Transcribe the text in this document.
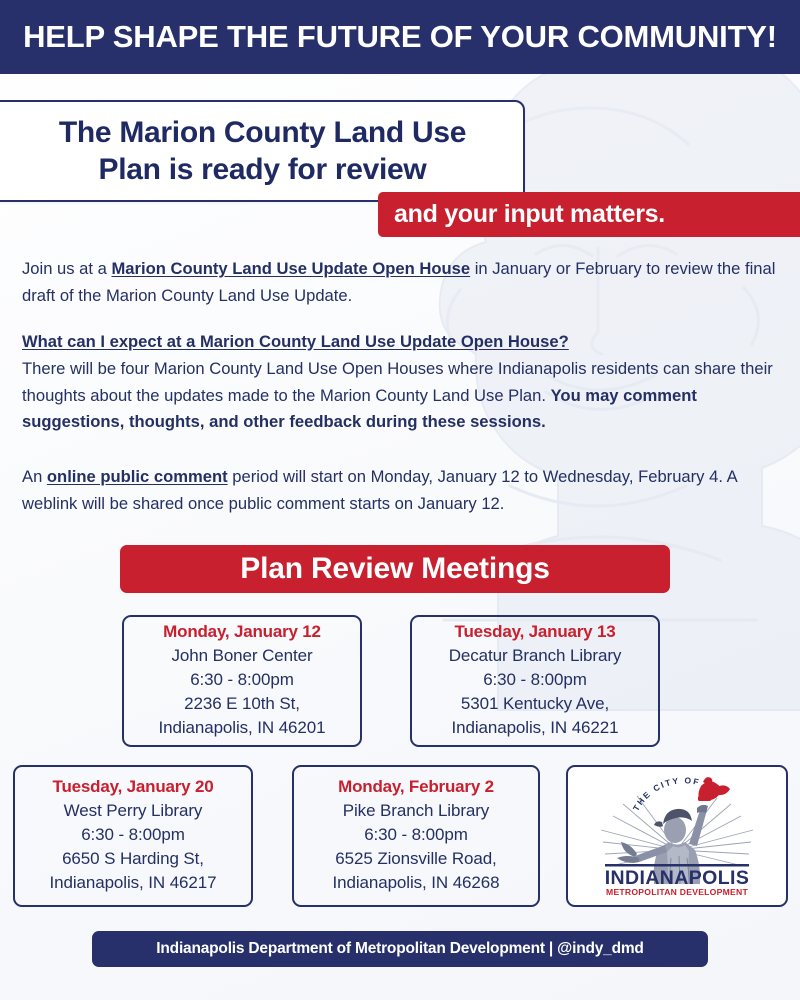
HELP SHAPE THE FUTURE OF YOUR COMMUNITY!
The Marion County Land Use
Plan is ready for review
and your input matters.

Join us at a Marion County Land Use Update Open House in January or February to review the final draft of the Marion County Land Use Update.

What can I expect at a Marion County Land Use Update Open House?

There will be four Marion County Land Use Open Houses where Indianapolis residents can share their thoughts about the updates made to the Marion County Land Use Plan. You may comment suggestions, thoughts, and other feedback during these sessions.

An online public comment period will start on Monday, January 12 to Wednesday, February 4. A weblink will be shared once public comment starts on January 12.

Plan Review Meetings
Monday, January 12
John Boner Center
6:30 - 8:00pm
2236 E 10th St,
Indianapolis, IN 46201
Tuesday, January 13
Decatur Branch Library
6:30 - 8:00pm
5301 Kentucky Ave,
Indianapolis, IN 46221
Tuesday, January 20
West Perry Library
6:30 - 8:00pm
6650 S Harding St,
Indianapolis, IN 46217
Monday, February 2
Pike Branch Library
6:30 - 8:00pm
6525 Zionsville Road,
Indianapolis, IN 46268
THE CITY OF
INDIANAPOLIS
METROPOLITAN DEVELOPMENT
Indianapolis Department of Metropolitan Development | @indy_dmd
